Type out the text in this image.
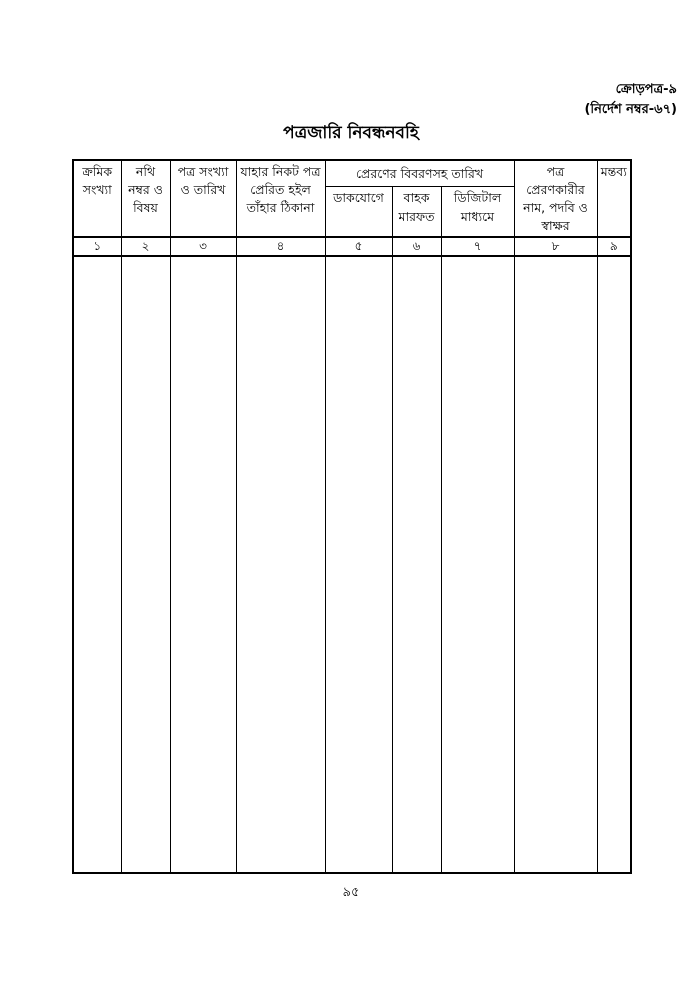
ক্রোড়পত্র-৯
(নির্দেশ নম্বর-৬৭)
পত্রজারি নিবন্ধনবহি
ক্রমিক সংখ্যা	নথি নম্বর ও বিষয়	পত্র সংখ্যা ও তারিখ	যাহার নিকট পত্র প্রেরিত হইল তাঁহার ঠিকানা	প্রেরণের বিবরণসহ তারিখ			পত্র প্রেরণকারীর নাম, পদবি ও স্বাক্ষর	মন্তব্য
				ডাকযোগে	বাহক মারফত	ডিজিটাল মাধ্যমে		
১	২	৩	৪	৫	৬	৭	৮	৯

৯৫
